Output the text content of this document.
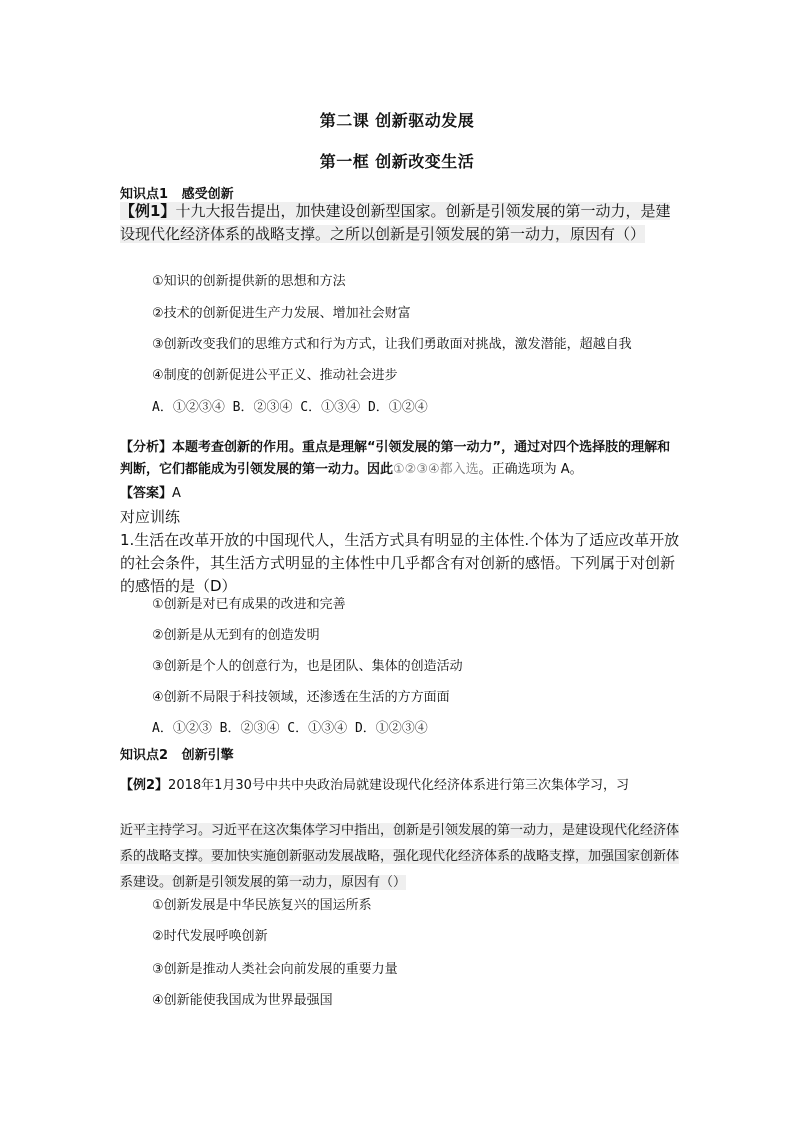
第二课 创新驱动发展
第一框 创新改变生活
知识点1 感受创新

【例1】十九大报告提出，加快建设创新型国家。创新是引领发展的第一动力，是建设现代化经济体系的战略支撑。之所以创新是引领发展的第一动力，原因有（）

①知识的创新提供新的思想和方法
②技术的创新促进生产力发展、增加社会财富
③创新改变我们的思维方式和行为方式，让我们勇敢面对挑战，激发潜能，超越自我
④制度的创新促进公平正义、推动社会进步
A．①②③④ B．②③④ C．①③④ D．①②④

【分析】本题考查创新的作用。重点是理解“引领发展的第一动力”，通过对四个选择肢的理解和判断，它们都能成为引领发展的第一动力。因此①②③④都入选。正确选项为 A。

【答案】A
对应训练

1.生活在改革开放的中国现代人，生活方式具有明显的主体性.个体为了适应改革开放的社会条件，其生活方式明显的主体性中几乎都含有对创新的感悟。下列属于对创新的感悟的是（D）

①创新是对已有成果的改进和完善
②创新是从无到有的创造发明
③创新是个人的创意行为，也是团队、集体的创造活动
④创新不局限于科技领域，还渗透在生活的方方面面
A．①②③ B．②③④ C．①③④ D．①②③④
知识点2 创新引擎
【例2】2018年1月30号中共中央政治局就建设现代化经济体系进行第三次集体学习，习

近平主持学习。习近平在这次集体学习中指出，创新是引领发展的第一动力，是建设现代化经济体系的战略支撑。要加快实施创新驱动发展战略，强化现代化经济体系的战略支撑，加强国家创新体系建设。创新是引领发展的第一动力，原因有（）

①创新发展是中华民族复兴的国运所系
②时代发展呼唤创新
③创新是推动人类社会向前发展的重要力量
④创新能使我国成为世界最强国
